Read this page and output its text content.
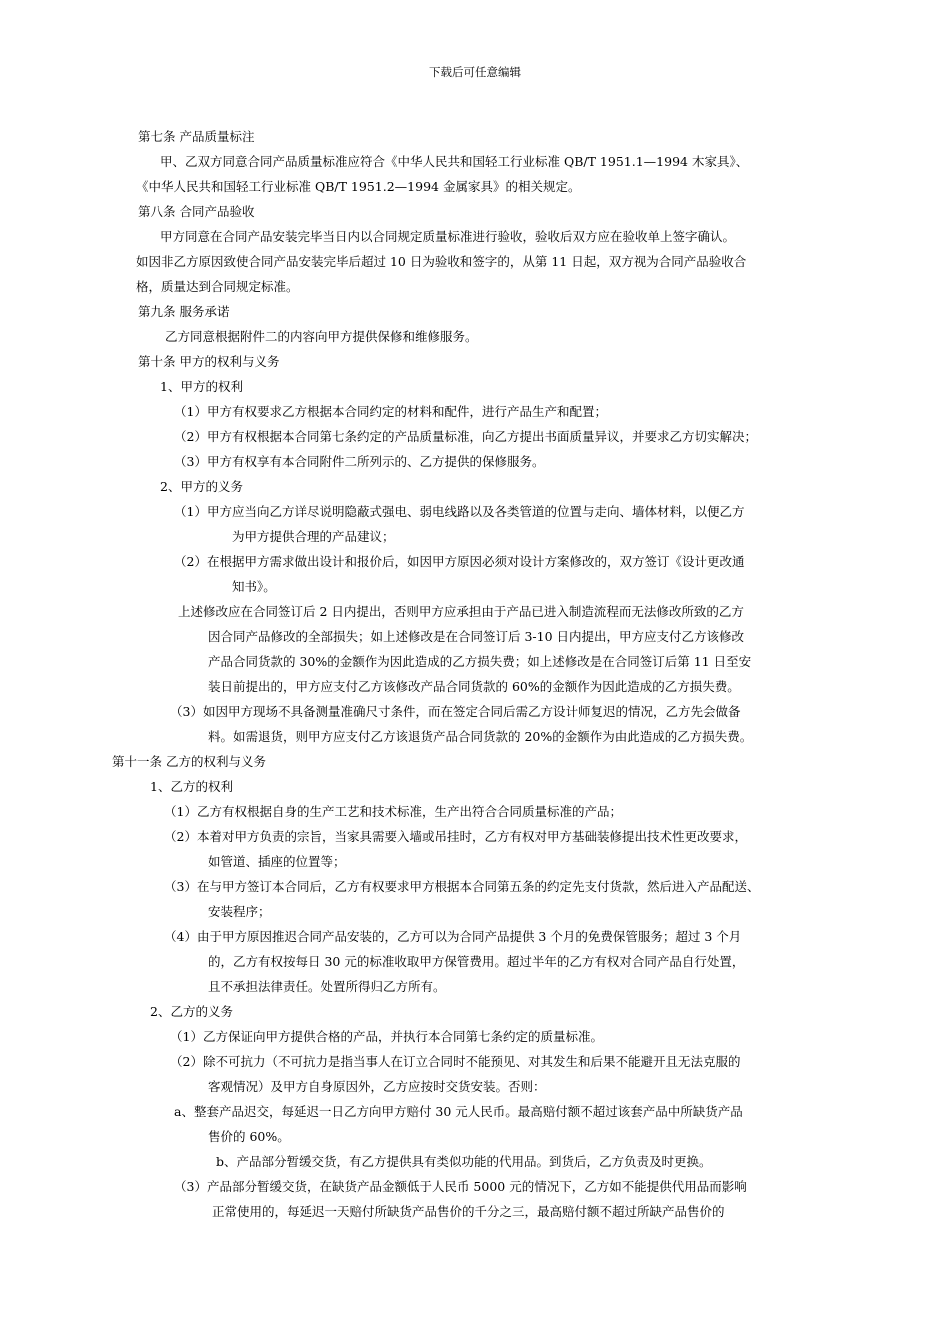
下载后可任意编辑
第七条 产品质量标注
甲、乙双方同意合同产品质量标准应符合《中华人民共和国轻工行业标准 QB/T 1951.1—1994 木家具》、
《中华人民共和国轻工行业标准 QB/T 1951.2—1994 金属家具》的相关规定。
第八条 合同产品验收
甲方同意在合同产品安装完毕当日内以合同规定质量标准进行验收，验收后双方应在验收单上签字确认。
如因非乙方原因致使合同产品安装完毕后超过 10 日为验收和签字的，从第 11 日起，双方视为合同产品验收合
格，质量达到合同规定标准。
第九条 服务承诺
乙方同意根据附件二的内容向甲方提供保修和维修服务。
第十条 甲方的权利与义务
1、甲方的权利
（1）甲方有权要求乙方根据本合同约定的材料和配件，进行产品生产和配置；
（2）甲方有权根据本合同第七条约定的产品质量标准，向乙方提出书面质量异议，并要求乙方切实解决；
（3）甲方有权享有本合同附件二所列示的、乙方提供的保修服务。
2、甲方的义务
（1）甲方应当向乙方详尽说明隐蔽式强电、弱电线路以及各类管道的位置与走向、墙体材料，以便乙方
为甲方提供合理的产品建议；
（2）在根据甲方需求做出设计和报价后，如因甲方原因必须对设计方案修改的，双方签订《设计更改通
知书》。
上述修改应在合同签订后 2 日内提出，否则甲方应承担由于产品已进入制造流程而无法修改所致的乙方
因合同产品修改的全部损失；如上述修改是在合同签订后 3-10 日内提出，甲方应支付乙方该修改
产品合同货款的 30%的金额作为因此造成的乙方损失费；如上述修改是在合同签订后第 11 日至安
装日前提出的，甲方应支付乙方该修改产品合同货款的 60%的金额作为因此造成的乙方损失费。
（3）如因甲方现场不具备测量准确尺寸条件，而在签定合同后需乙方设计师复迟的情况，乙方先会做备
料。如需退货，则甲方应支付乙方该退货产品合同货款的 20%的金额作为由此造成的乙方损失费。
第十一条 乙方的权利与义务
1、乙方的权利
（1）乙方有权根据自身的生产工艺和技术标准，生产出符合合同质量标准的产品；
（2）本着对甲方负责的宗旨，当家具需要入墙或吊挂时，乙方有权对甲方基础装修提出技术性更改要求，
如管道、插座的位置等；
（3）在与甲方签订本合同后，乙方有权要求甲方根据本合同第五条的约定先支付货款，然后进入产品配送、
安装程序；
（4）由于甲方原因推迟合同产品安装的，乙方可以为合同产品提供 3 个月的免费保管服务；超过 3 个月
的，乙方有权按每日 30 元的标准收取甲方保管费用。超过半年的乙方有权对合同产品自行处置，
且不承担法律责任。处置所得归乙方所有。
2、乙方的义务
（1）乙方保证向甲方提供合格的产品，并执行本合同第七条约定的质量标准。
（2）除不可抗力（不可抗力是指当事人在订立合同时不能预见、对其发生和后果不能避开且无法克服的
客观情况）及甲方自身原因外，乙方应按时交货安装。否则：
a、整套产品迟交，每延迟一日乙方向甲方赔付 30 元人民币。最高赔付额不超过该套产品中所缺货产品
售价的 60%。
b、产品部分暂缓交货，有乙方提供具有类似功能的代用品。到货后，乙方负责及时更换。
（3）产品部分暂缓交货，在缺货产品金额低于人民币 5000 元的情况下，乙方如不能提供代用品而影响
正常使用的，每延迟一天赔付所缺货产品售价的千分之三，最高赔付额不超过所缺产品售价的
